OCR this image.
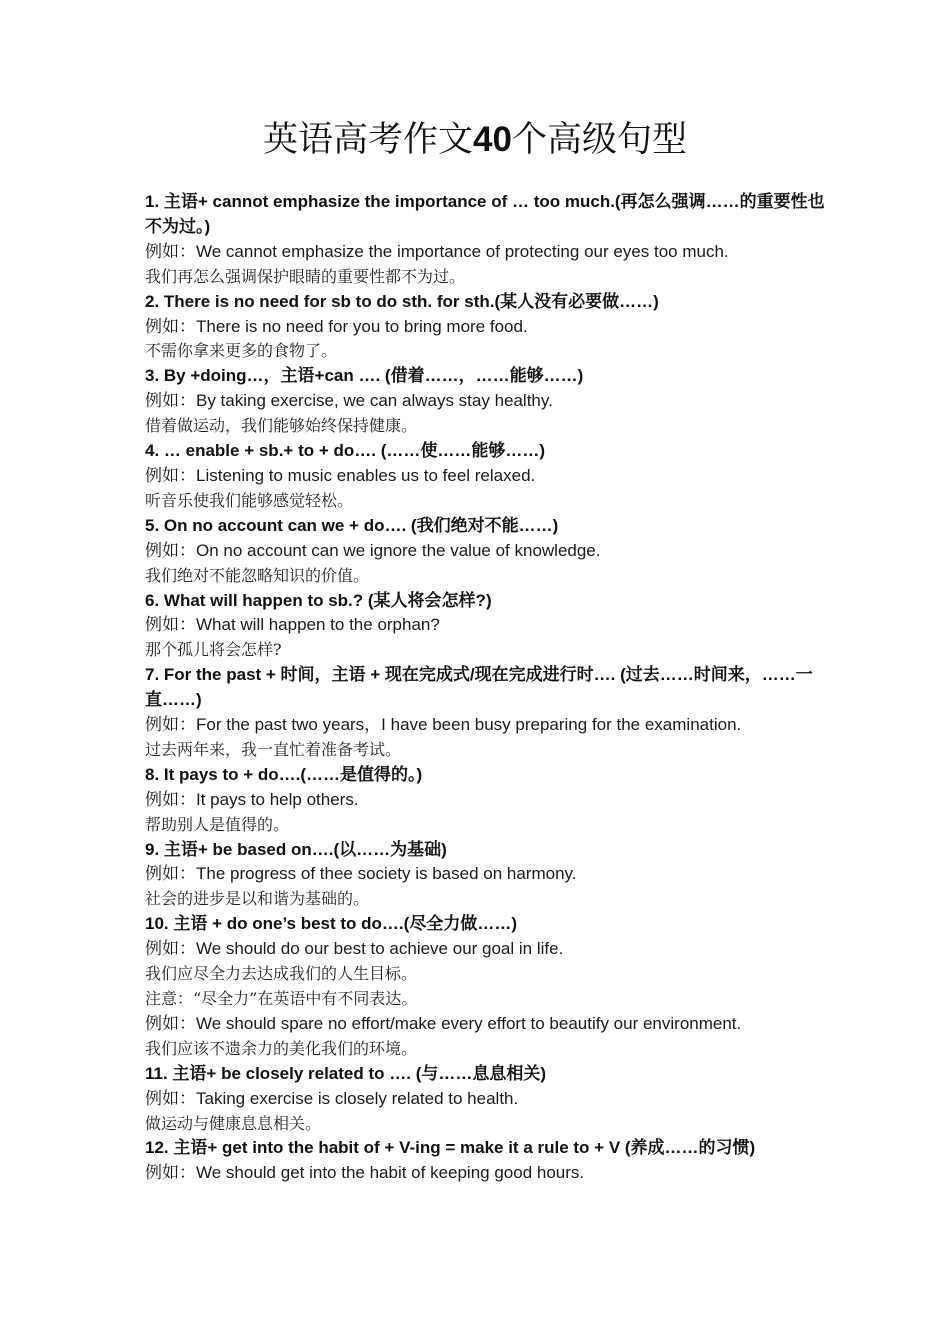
英语高考作文40个高级句型
1. 主语+ cannot emphasize the importance of … too much.(再怎么强调……的重要性也不为过。)
例如：We cannot emphasize the importance of protecting our eyes too much.
我们再怎么强调保护眼睛的重要性都不为过。
2. There is no need for sb to do sth. for sth.(某人没有必要做……)
例如：There is no need for you to bring more food.
不需你拿来更多的食物了。
3. By +doing…，主语+can …. (借着……，……能够……)
例如：By taking exercise, we can always stay healthy.
借着做运动，我们能够始终保持健康。
4. … enable + sb.+ to + do…. (……使……能够……)
例如：Listening to music enables us to feel relaxed.
听音乐使我们能够感觉轻松。
5. On no account can we + do…. (我们绝对不能……)
例如：On no account can we ignore the value of knowledge.
我们绝对不能忽略知识的价值。
6. What will happen to sb.? (某人将会怎样?)
例如：What will happen to the orphan?
那个孤儿将会怎样?
7. For the past + 时间，主语 + 现在完成式/现在完成进行时…. (过去……时间来，……一直……)
例如：For the past two years，I have been busy preparing for the examination.
过去两年来，我一直忙着准备考试。
8. It pays to + do….(……是值得的。)
例如：It pays to help others.
帮助别人是值得的。
9. 主语+ be based on….(以……为基础)
例如：The progress of thee society is based on harmony.
社会的进步是以和谐为基础的。
10. 主语 + do one’s best to do….(尽全力做……)
例如：We should do our best to achieve our goal in life.
我们应尽全力去达成我们的人生目标。
注意：“尽全力”在英语中有不同表达。
例如：We should spare no effort/make every effort to beautify our environment.
我们应该不遗余力的美化我们的环境。
11. 主语+ be closely related to …. (与……息息相关)
例如：Taking exercise is closely related to health.
做运动与健康息息相关。
12. 主语+ get into the habit of + V-ing = make it a rule to + V (养成……的习惯)
例如：We should get into the habit of keeping good hours.
